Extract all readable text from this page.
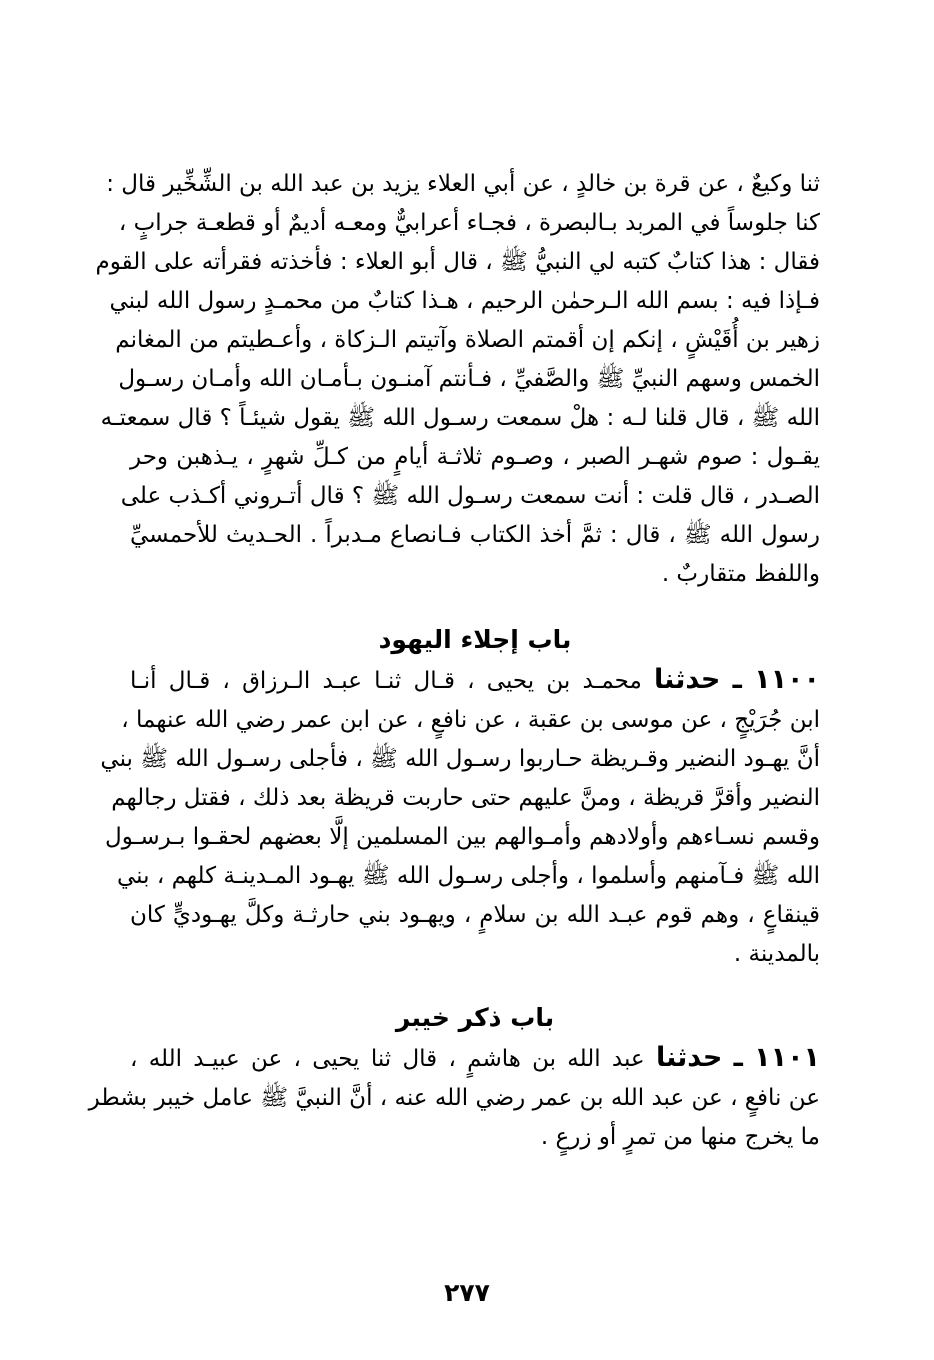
ثنا وكيعٌ ، عن قرة بن خالدٍ ، عن أبي العلاء يزيد بن عبد الله بن الشِّخِّير قال :
كنا جلوساً في المربد بـالبصرة ، فجـاء أعرابيٌّ ومعـه أديمٌ أو قطعـة جرابٍ ،
فقال : هذا كتابٌ كتبه لي النبيُّ ﷺ ، قال أبو العلاء : فأخذته فقرأته على القوم
فـإذا فيه : بسم الله الـرحمٰن الرحيم ، هـذا كتابٌ من محمـدٍ رسول الله لبني
زهير بن أُقَيْشٍ ، إنكم إن أقمتم الصلاة وآتيتم الـزكاة ، وأعـطيتم من المغانم
الخمس وسهم النبيِّ ﷺ والصَّفيِّ ، فـأنتم آمنـون بـأمـان الله وأمـان رسـول
الله ﷺ ، قال قلنا لـه : هلْ سمعت رسـول الله ﷺ يقول شيئـاً ؟ قال سمعتـه
يقـول : صوم شهـر الصبر ، وصـوم ثلاثـة أيامٍ من كـلِّ شهرٍ ، يـذهبن وحر
الصـدر ، قال قلت : أنت سمعت رسـول الله ﷺ ؟ قال أتـروني أكـذب على
رسول الله ﷺ ، قال : ثمَّ أخذ الكتاب فـانصاع مـدبراً . الحـديث للأحمسيِّ
واللفظ متقاربٌ .
باب إجلاء اليهود
١١٠٠ ـ حدثنا محمـد بن يحيى ، قـال ثنـا عبـد الـرزاق ، قـال أنـا
ابن جُرَيْجٍ ، عن موسى بن عقبة ، عن نافعٍ ، عن ابن عمر رضي الله عنهما ،
أنَّ يهـود النضير وقـريظة حـاربوا رسـول الله ﷺ ، فأجلى رسـول الله ﷺ بني
النضير وأقرَّ قريظة ، ومنَّ عليهم حتى حاربت قريظة بعد ذلك ، فقتل رجالهم
وقسم نسـاءهم وأولادهم وأمـوالهم بين المسلمين إلَّا بعضهم لحقـوا بـرسـول
الله ﷺ فـآمنهم وأسلموا ، وأجلى رسـول الله ﷺ يهـود المـدينـة كلهم ، بني
قينقاعٍ ، وهم قوم عبـد الله بن سلامٍ ، ويهـود بني حارثـة وكلَّ يهـوديٍّ كان
بالمدينة .
باب ذكر خيبر
١١٠١ ـ حدثنا عبد الله بن هاشمٍ ، قال ثنا يحيى ، عن عبيـد الله ،
عن نافعٍ ، عن عبد الله بن عمر رضي الله عنه ، أنَّ النبيَّ ﷺ عامل خيبر بشطر
ما يخرج منها من تمرٍ أو زرعٍ .
٢٧٧
